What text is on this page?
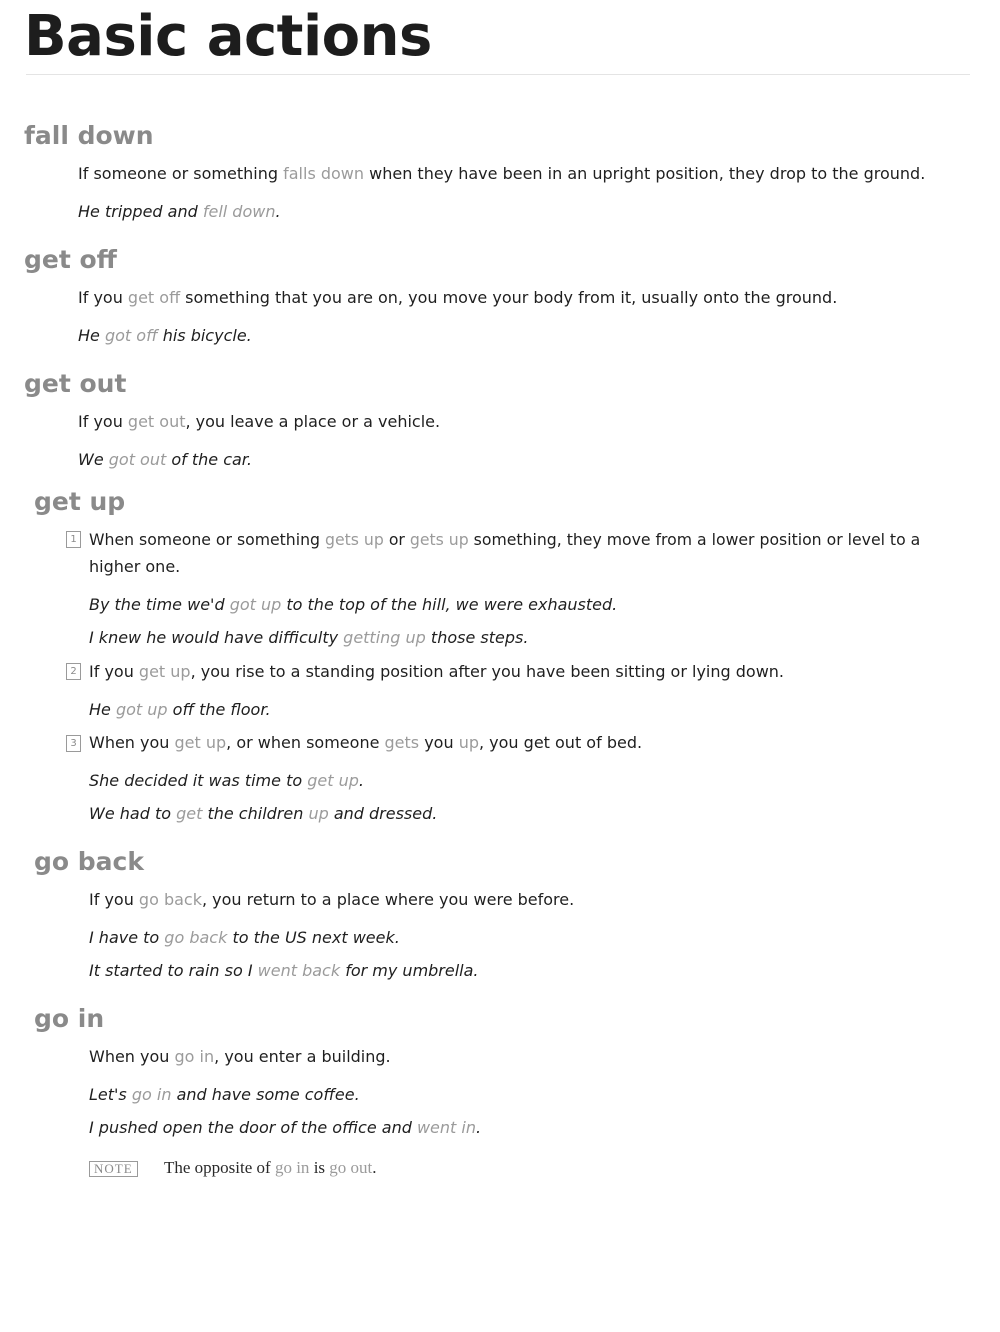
Basic actions
fall down

If someone or something falls down when they have been in an upright position, they drop to the ground.

He tripped and fell down.

get off

If you get off something that you are on, you move your body from it, usually onto the ground.

He got off his bicycle.

get out

If you get out, you leave a place or a vehicle.

We got out of the car.

get up
1 When someone or something gets up or gets up something, they move from a lower position or level to a

higher one.

By the time we'd got up to the top of the hill, we were exhausted.

I knew he would have difficulty getting up those steps.

2 If you get up, you rise to a standing position after you have been sitting or lying down.

He got up off the floor.

3 When you get up, or when someone gets you up, you get out of bed.

She decided it was time to get up.

We had to get the children up and dressed.

go back

If you go back, you return to a place where you were before.

I have to go back to the US next week.

It started to rain so I went back for my umbrella.

go in

When you go in, you enter a building.

Let's go in and have some coffee.

I pushed open the door of the office and went in.

NOTE The opposite of go in is go out.
